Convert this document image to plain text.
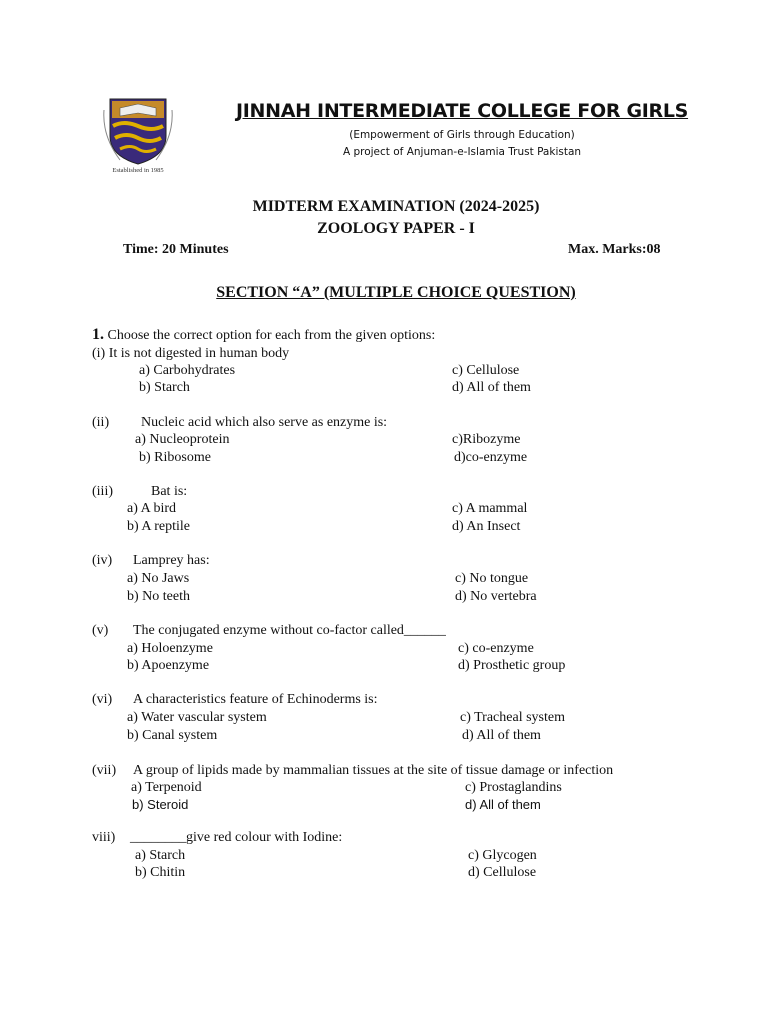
Established in 1985
JINNAH INTERMEDIATE COLLEGE FOR GIRLS
(Empowerment of Girls through Education)
A project of Anjuman-e-Islamia Trust Pakistan
MIDTERM EXAMINATION (2024-2025)
ZOOLOGY PAPER - I
Time: 20 Minutes	Max. Marks:08
SECTION “A” (MULTIPLE CHOICE QUESTION)
1. Choose the correct option for each from the given options:
(i) It is not digested in human body
a) Carbohydrates
b) Starch
c) Cellulose
d) All of them
(ii) Nucleic acid which also serve as enzyme is:
a) Nucleoprotein
b) Ribosome
c)Ribozyme
d)co-enzyme
(iii)	Bat is:
a) A bird
b) A reptile
c) A mammal
d) An Insect
(iv) Lamprey has:
a) No Jaws
b) No teeth
c) No tongue
d) No vertebra
(v) The conjugated enzyme without co-factor called______
a) Holoenzyme
b) Apoenzyme
c) co-enzyme
d) Prosthetic group
(vi) A characteristics feature of Echinoderms is:
a) Water vascular system
b) Canal system
c) Tracheal system
d) All of them
(vii) A group of lipids made by mammalian tissues at the site of tissue damage or infection
a) Terpenoid
b) Steroid
c) Prostaglandins
d) All of them
viii) ________give red colour with Iodine:
a) Starch
b) Chitin
c) Glycogen
d) Cellulose
